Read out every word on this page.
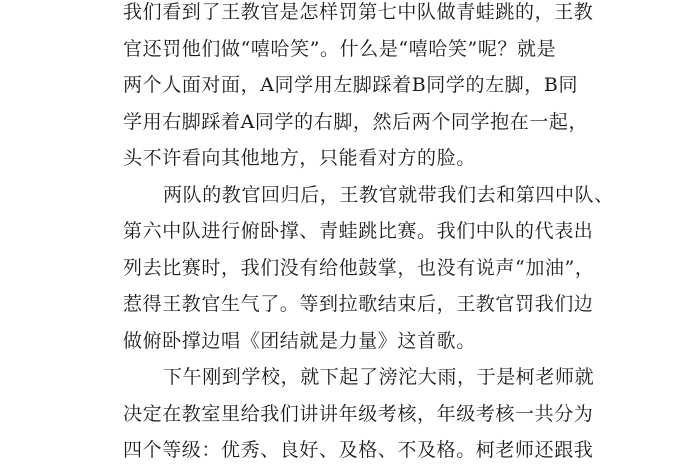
我们看到了王教官是怎样罚第七中队做青蛙跳的，王教
官还罚他们做“嘻哈笑”。什么是“嘻哈笑”呢？就是
两个人面对面，A同学用左脚踩着B同学的左脚，B同
学用右脚踩着A同学的右脚，然后两个同学抱在一起，
头不许看向其他地方，只能看对方的脸。
两队的教官回归后，王教官就带我们去和第四中队、
第六中队进行俯卧撑、青蛙跳比赛。我们中队的代表出
列去比赛时，我们没有给他鼓掌，也没有说声“加油”，
惹得王教官生气了。等到拉歌结束后，王教官罚我们边
做俯卧撑边唱《团结就是力量》这首歌。
下午刚到学校，就下起了滂沱大雨，于是柯老师就
决定在教室里给我们讲讲年级考核，年级考核一共分为
四个等级：优秀、良好、及格、不及格。柯老师还跟我
